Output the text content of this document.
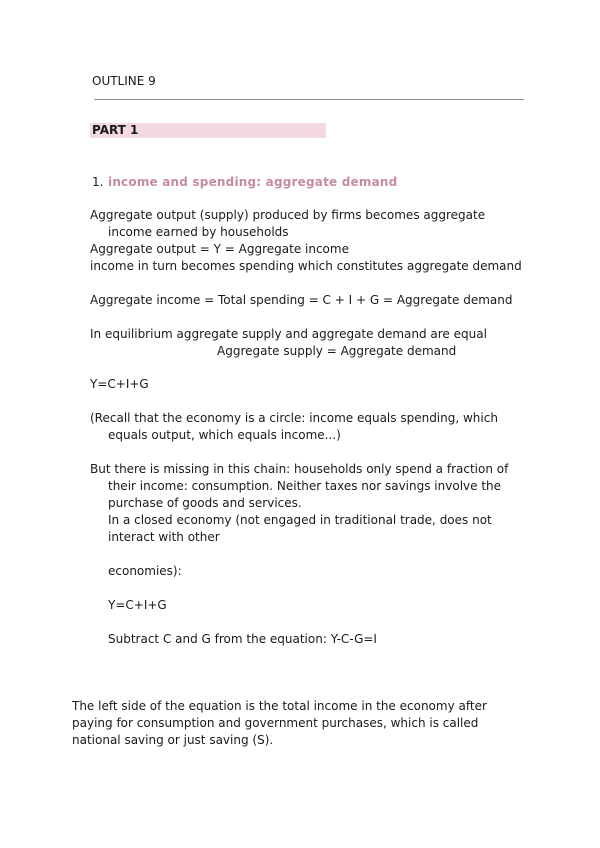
OUTLINE 9
PART 1
1. income and spending: aggregate demand
Aggregate output (supply) produced by firms becomes aggregate
income earned by households
Aggregate output = Y = Aggregate income
income in turn becomes spending which constitutes aggregate demand
Aggregate income = Total spending = C + I + G = Aggregate demand
In equilibrium aggregate supply and aggregate demand are equal
Aggregate supply = Aggregate demand
Y=C+I+G
(Recall that the economy is a circle: income equals spending, which
equals output, which equals income...)
But there is missing in this chain: households only spend a fraction of
their income: consumption. Neither taxes nor savings involve the
purchase of goods and services.
In a closed economy (not engaged in traditional trade, does not
interact with other
economies):
Y=C+I+G
Subtract C and G from the equation: Y-C-G=I
The left side of the equation is the total income in the economy after
paying for consumption and government purchases, which is called
national saving or just saving (S).
